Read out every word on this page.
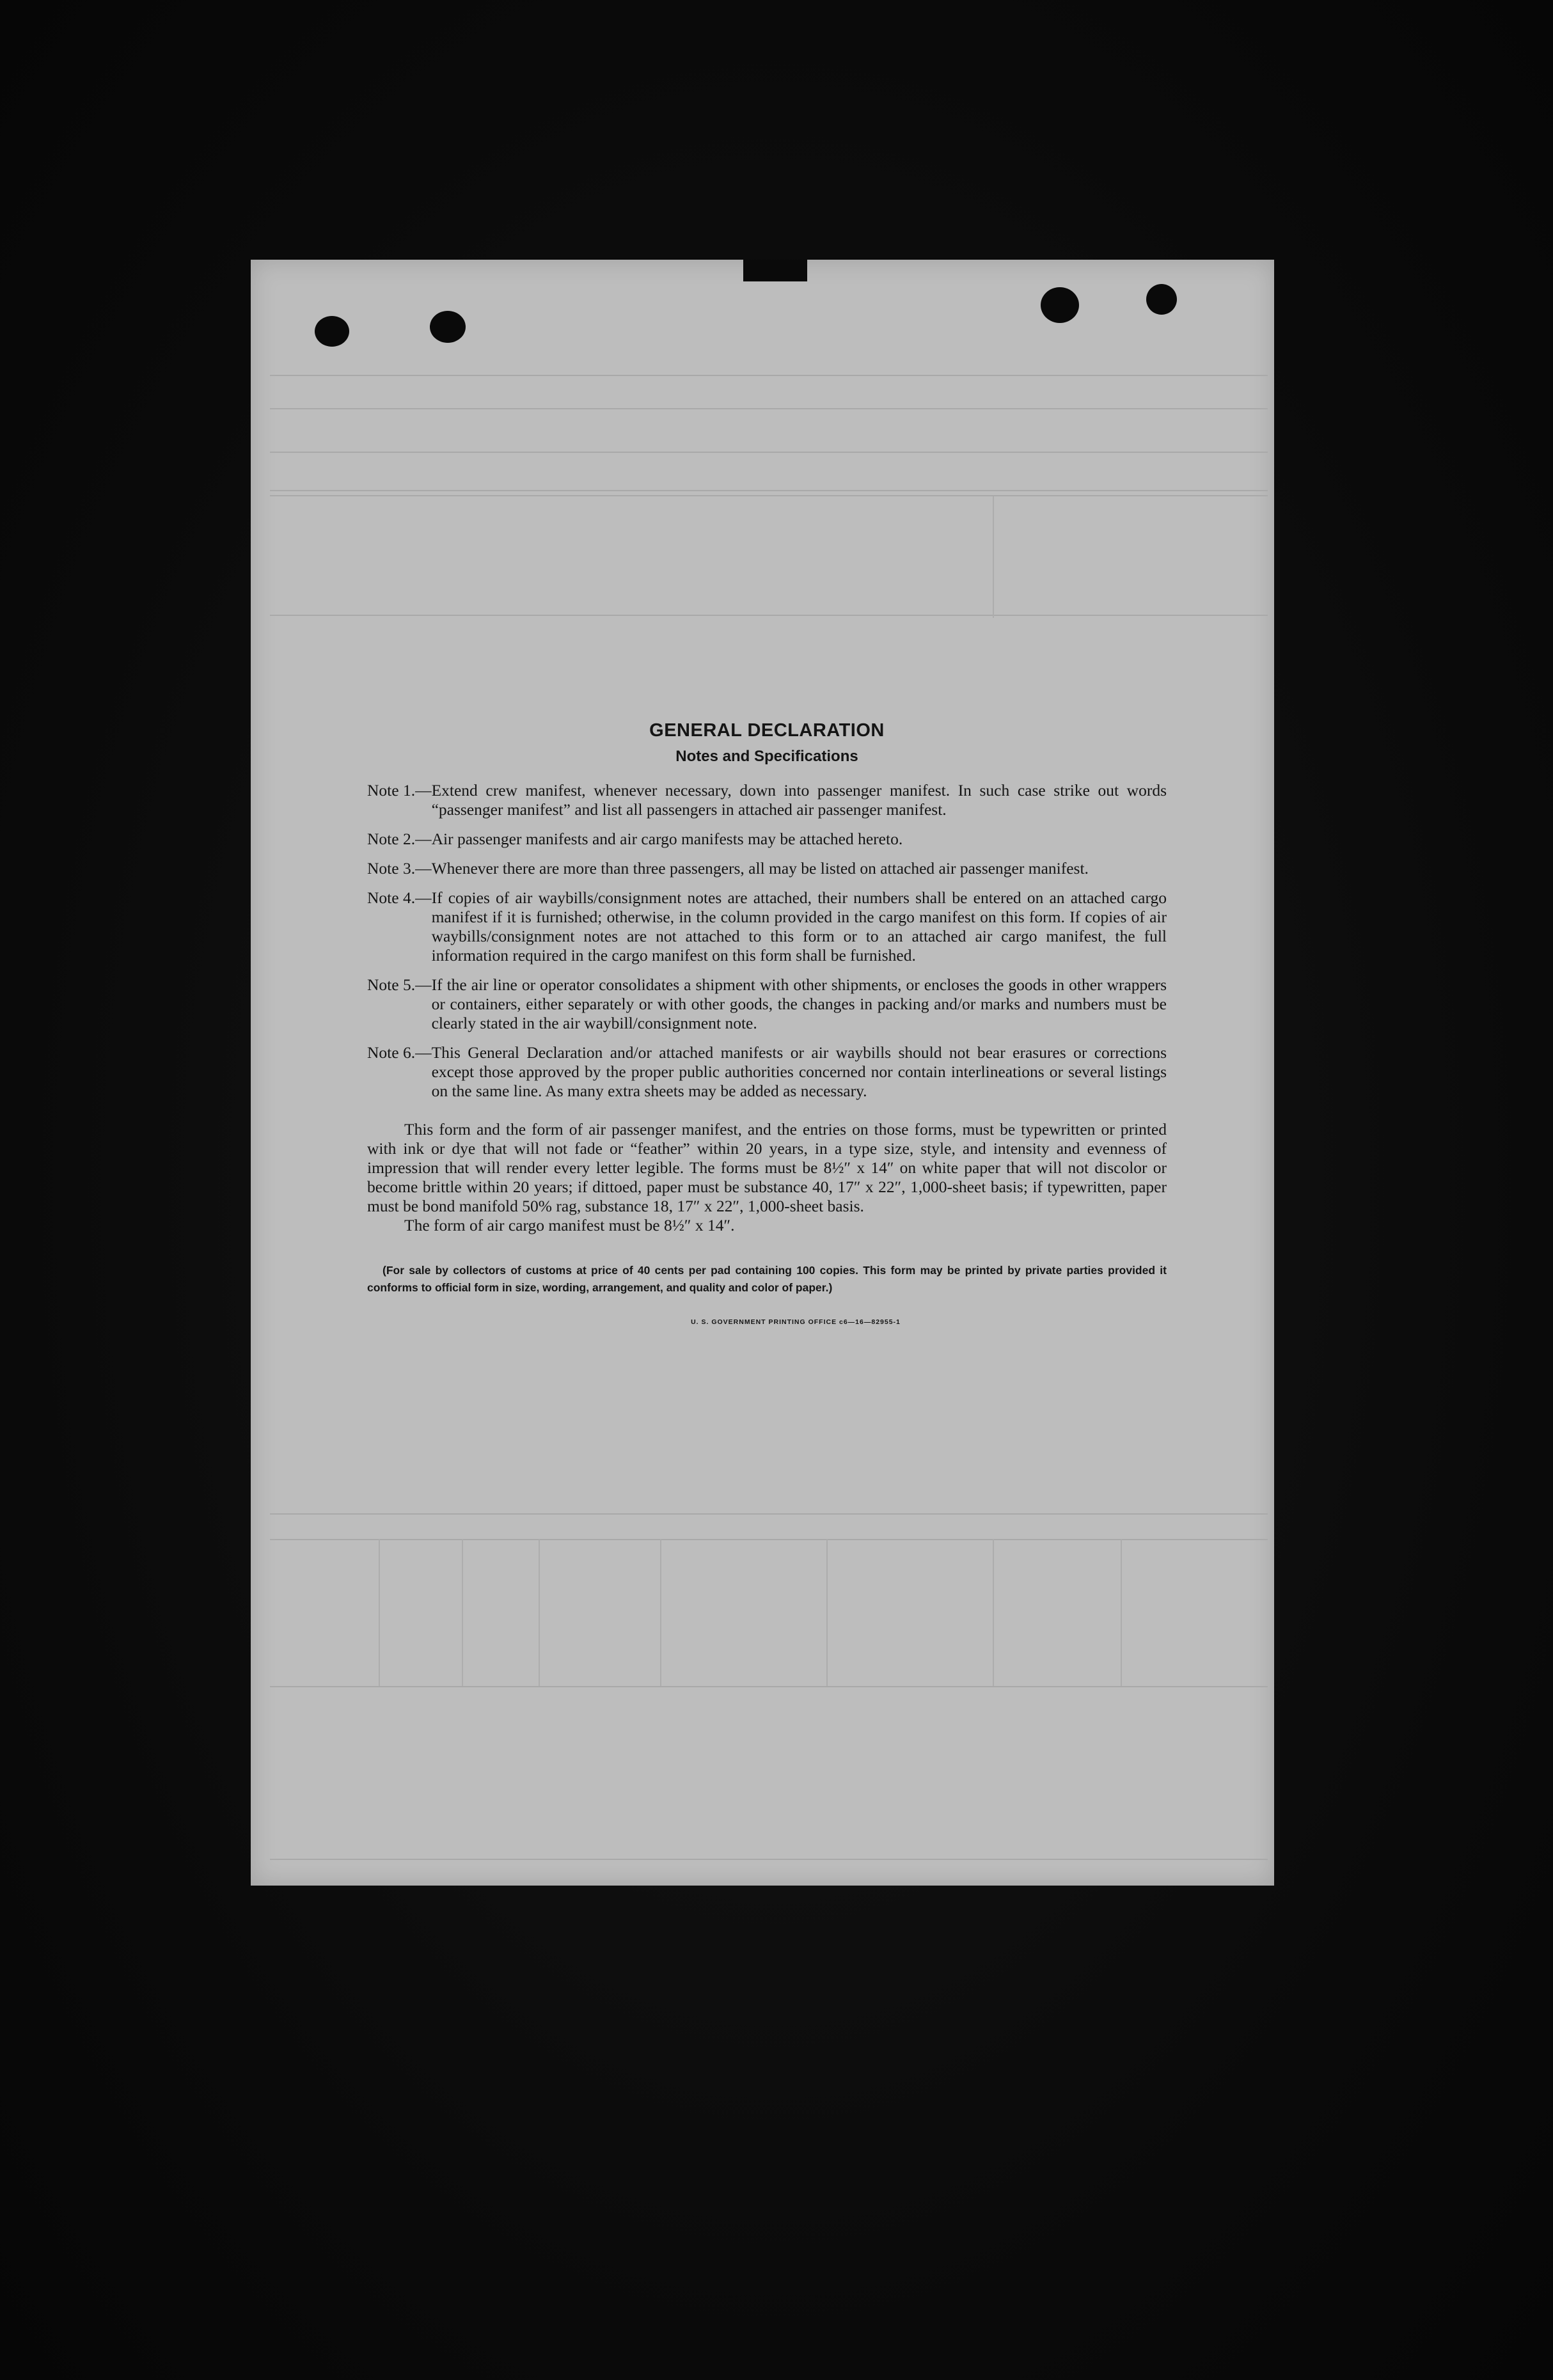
GENERAL DECLARATION
Notes and Specifications
Note 1. — Extend crew manifest, whenever necessary, down into passenger manifest. In such case strike out words “passenger manifest” and list all passengers in attached air passenger manifest.
Note 2. — Air passenger manifests and air cargo manifests may be attached hereto.
Note 3. — Whenever there are more than three passengers, all may be listed on attached air passenger manifest.
Note 4. — If copies of air waybills/consignment notes are attached, their numbers shall be entered on an attached cargo manifest if it is furnished; otherwise, in the column provided in the cargo manifest on this form. If copies of air waybills/consignment notes are not attached to this form or to an attached air cargo manifest, the full information required in the cargo manifest on this form shall be furnished.
Note 5. — If the air line or operator consolidates a shipment with other shipments, or encloses the goods in other wrappers or containers, either separately or with other goods, the changes in packing and/or marks and numbers must be clearly stated in the air waybill/consignment note.
Note 6. — This General Declaration and/or attached manifests or air waybills should not bear erasures or corrections except those approved by the proper public authorities concerned nor contain interlineations or several listings on the same line. As many extra sheets may be added as necessary.

This form and the form of air passenger manifest, and the entries on those forms, must be typewritten or printed with ink or dye that will not fade or “feather” within 20 years, in a type size, style, and intensity and evenness of impression that will render every letter legible. The forms must be 8½″ x 14″ on white paper that will not discolor or become brittle within 20 years; if dittoed, paper must be substance 40, 17″ x 22″, 1,000-sheet basis; if typewritten, paper must be bond manifold 50% rag, substance 18, 17″ x 22″, 1,000-sheet basis.

The form of air cargo manifest must be 8½″ x 14″.

(For sale by collectors of customs at price of 40 cents per pad containing 100 copies. This form may be printed by private parties provided it conforms to official form in size, wording, arrangement, and quality and color of paper.)

U. S. GOVERNMENT PRINTING OFFICE c6—16—82955-1
